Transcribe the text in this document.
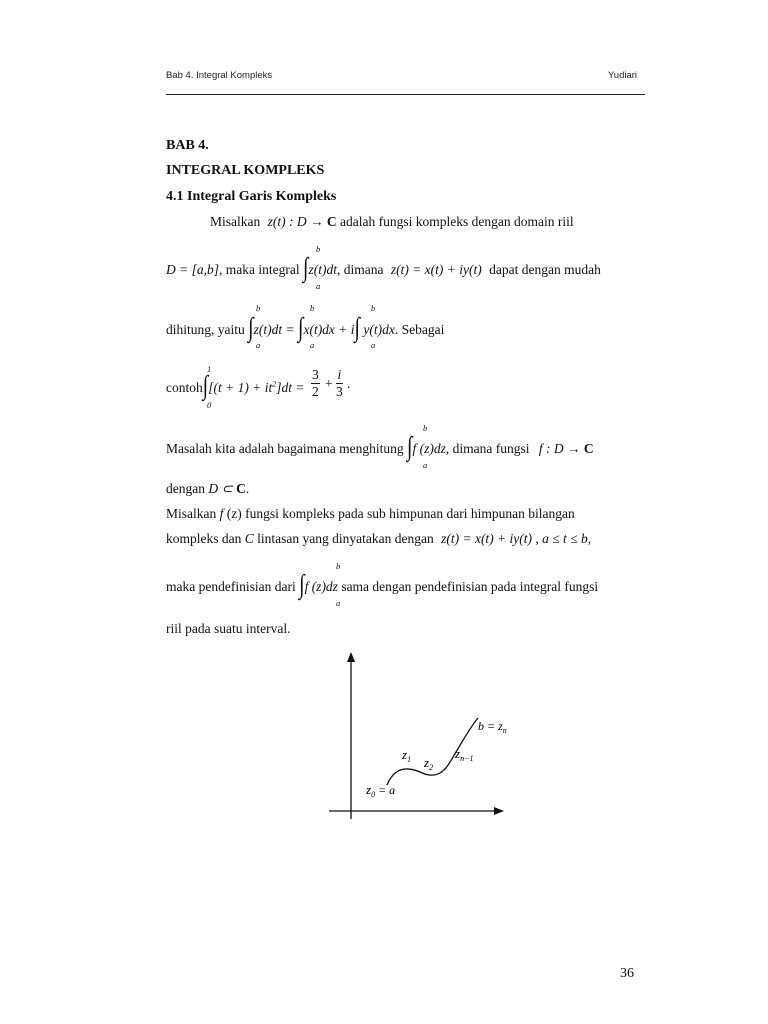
Bab 4. Integral Kompleks	Yudiari
BAB 4.
INTEGRAL KOMPLEKS
4.1 Integral Garis Kompleks
Misalkan z(t) : D → C adalah fungsi kompleks dengan domain riil
b
a
D = [a,b], maka integral ∫z(t)dt, dimana z(t) = x(t) + iy(t) dapat dengan mudah
b
a
b
a
b
a
dihitung, yaitu ∫z(t)dt = ∫x(t)dx + i∫ y(t)dx. Sebagai
1
0
contoh∫[(t + $1) + it^2]dt = \frac{3}{2} + \frac{i}{3}$ .
b
a
Masalah kita adalah bagaimana menghitung ∫f (z)dz, dimana fungsi f : D → C
dengan D ⊂ C.
Misalkan f (z) fungsi kompleks pada sub himpunan dari himpunan bilangan
kompleks dan C lintasan yang dinyatakan dengan z(t) = x(t) + iy(t) , a ≤ t ≤ b,
b
a
maka pendefinisian dari ∫f (z)dz sama dengan pendefinisian pada integral fungsi
riil pada suatu interval.
$z_0 = a$
$z_1$ $z_2$
$z_{n-1}$
$b = z_n$
36
